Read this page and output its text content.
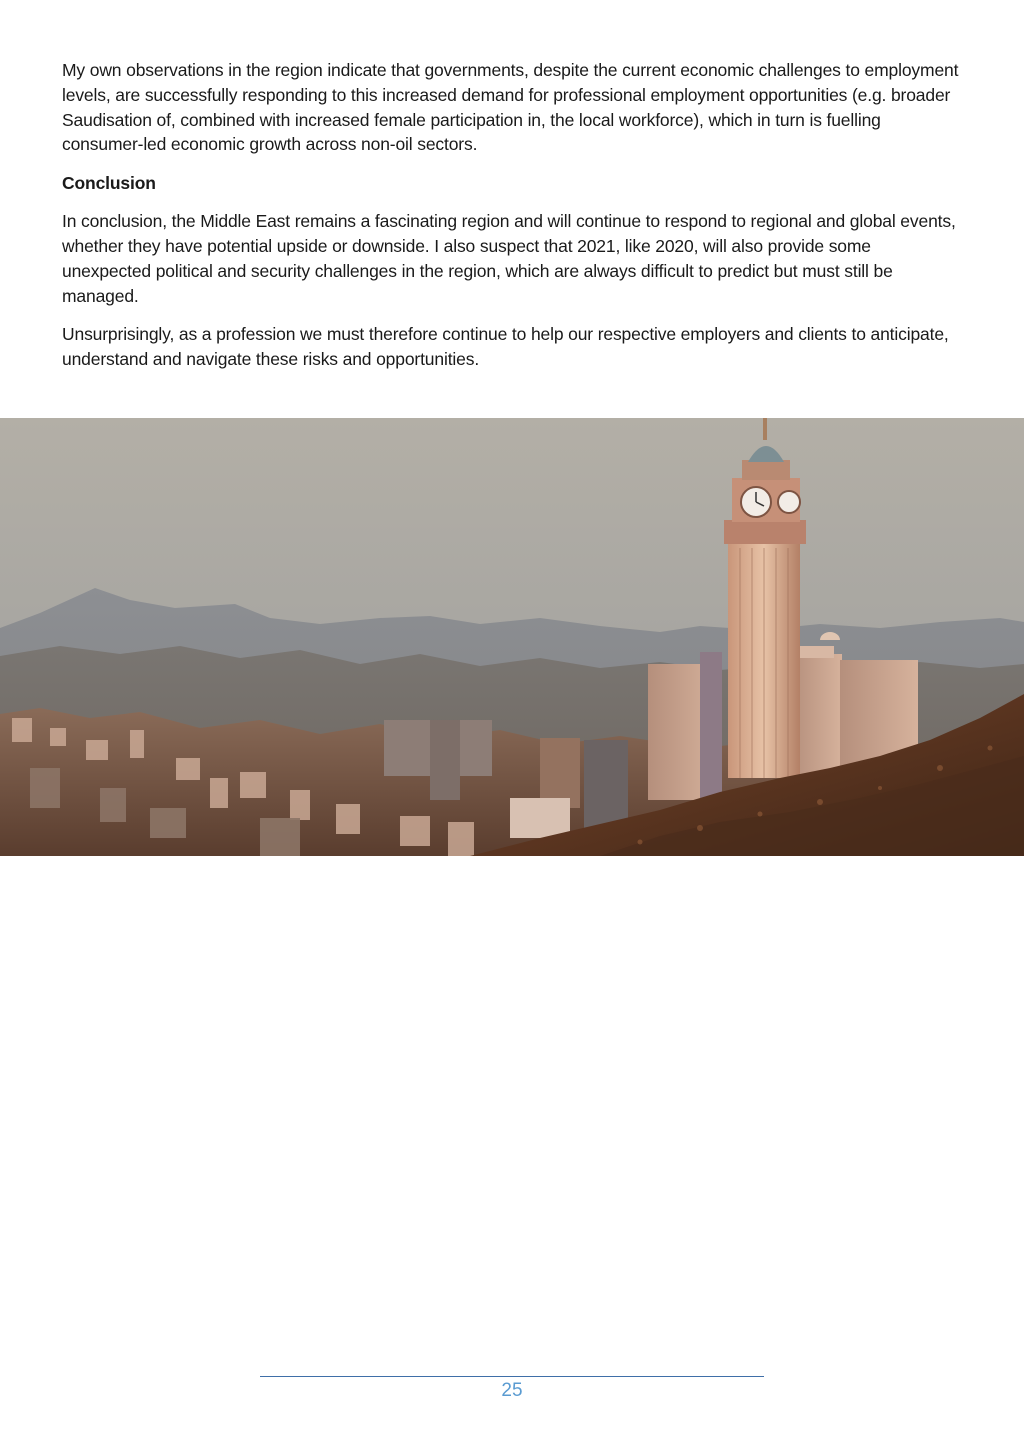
My own observations in the region indicate that governments, despite the current economic challenges to employment levels, are successfully responding to this increased demand for professional employment opportunities (e.g. broader Saudisation of, combined with increased female participation in, the local workforce), which in turn is fuelling consumer-led economic growth across non-oil sectors.

Conclusion

In conclusion, the Middle East remains a fascinating region and will continue to respond to regional and global events, whether they have potential upside or downside. I also suspect that 2021, like 2020, will also provide some unexpected political and security challenges in the region, which are always difficult to predict but must still be managed.

Unsurprisingly, as a profession we must therefore continue to help our respective employers and clients to anticipate, understand and navigate these risks and opportunities.

25
